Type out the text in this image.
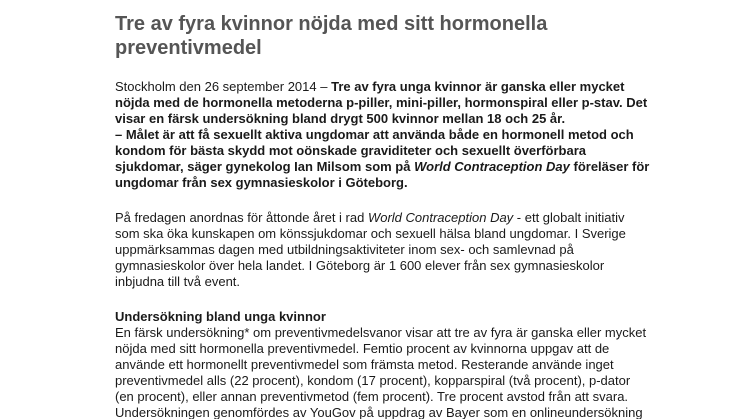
Tre av fyra kvinnor nöjda med sitt hormonella
preventivmedel
Stockholm den 26 september 2014 – Tre av fyra unga kvinnor är ganska eller mycket
nöjda med de hormonella metoderna p-piller, mini-piller, hormonspiral eller p-stav. Det
visar en färsk undersökning bland drygt 500 kvinnor mellan 18 och 25 år.
– Målet är att få sexuellt aktiva ungdomar att använda både en hormonell metod och
kondom för bästa skydd mot oönskade graviditeter och sexuellt överförbara
sjukdomar, säger gynekolog Ian Milsom som på World Contraception Day föreläser för
ungdomar från sex gymnasieskolor i Göteborg.
På fredagen anordnas för åttonde året i rad World Contraception Day - ett globalt initiativ
som ska öka kunskapen om könssjukdomar och sexuell hälsa bland ungdomar. I Sverige
uppmärksammas dagen med utbildningsaktiviteter inom sex- och samlevnad på
gymnasieskolor över hela landet. I Göteborg är 1 600 elever från sex gymnasieskolor
inbjudna till två event.
Undersökning bland unga kvinnor
En färsk undersökning* om preventivmedelsvanor visar att tre av fyra är ganska eller mycket
nöjda med sitt hormonella preventivmedel. Femtio procent av kvinnorna uppgav att de
använde ett hormonellt preventivmedel som främsta metod. Resterande använde inget
preventivmedel alls (22 procent), kondom (17 procent), kopparspiral (två procent), p-dator
(en procent), eller annan preventivmetod (fem procent). Tre procent avstod från att svara.
Undersökningen genomfördes av YouGov på uppdrag av Bayer som en onlineundersökning
